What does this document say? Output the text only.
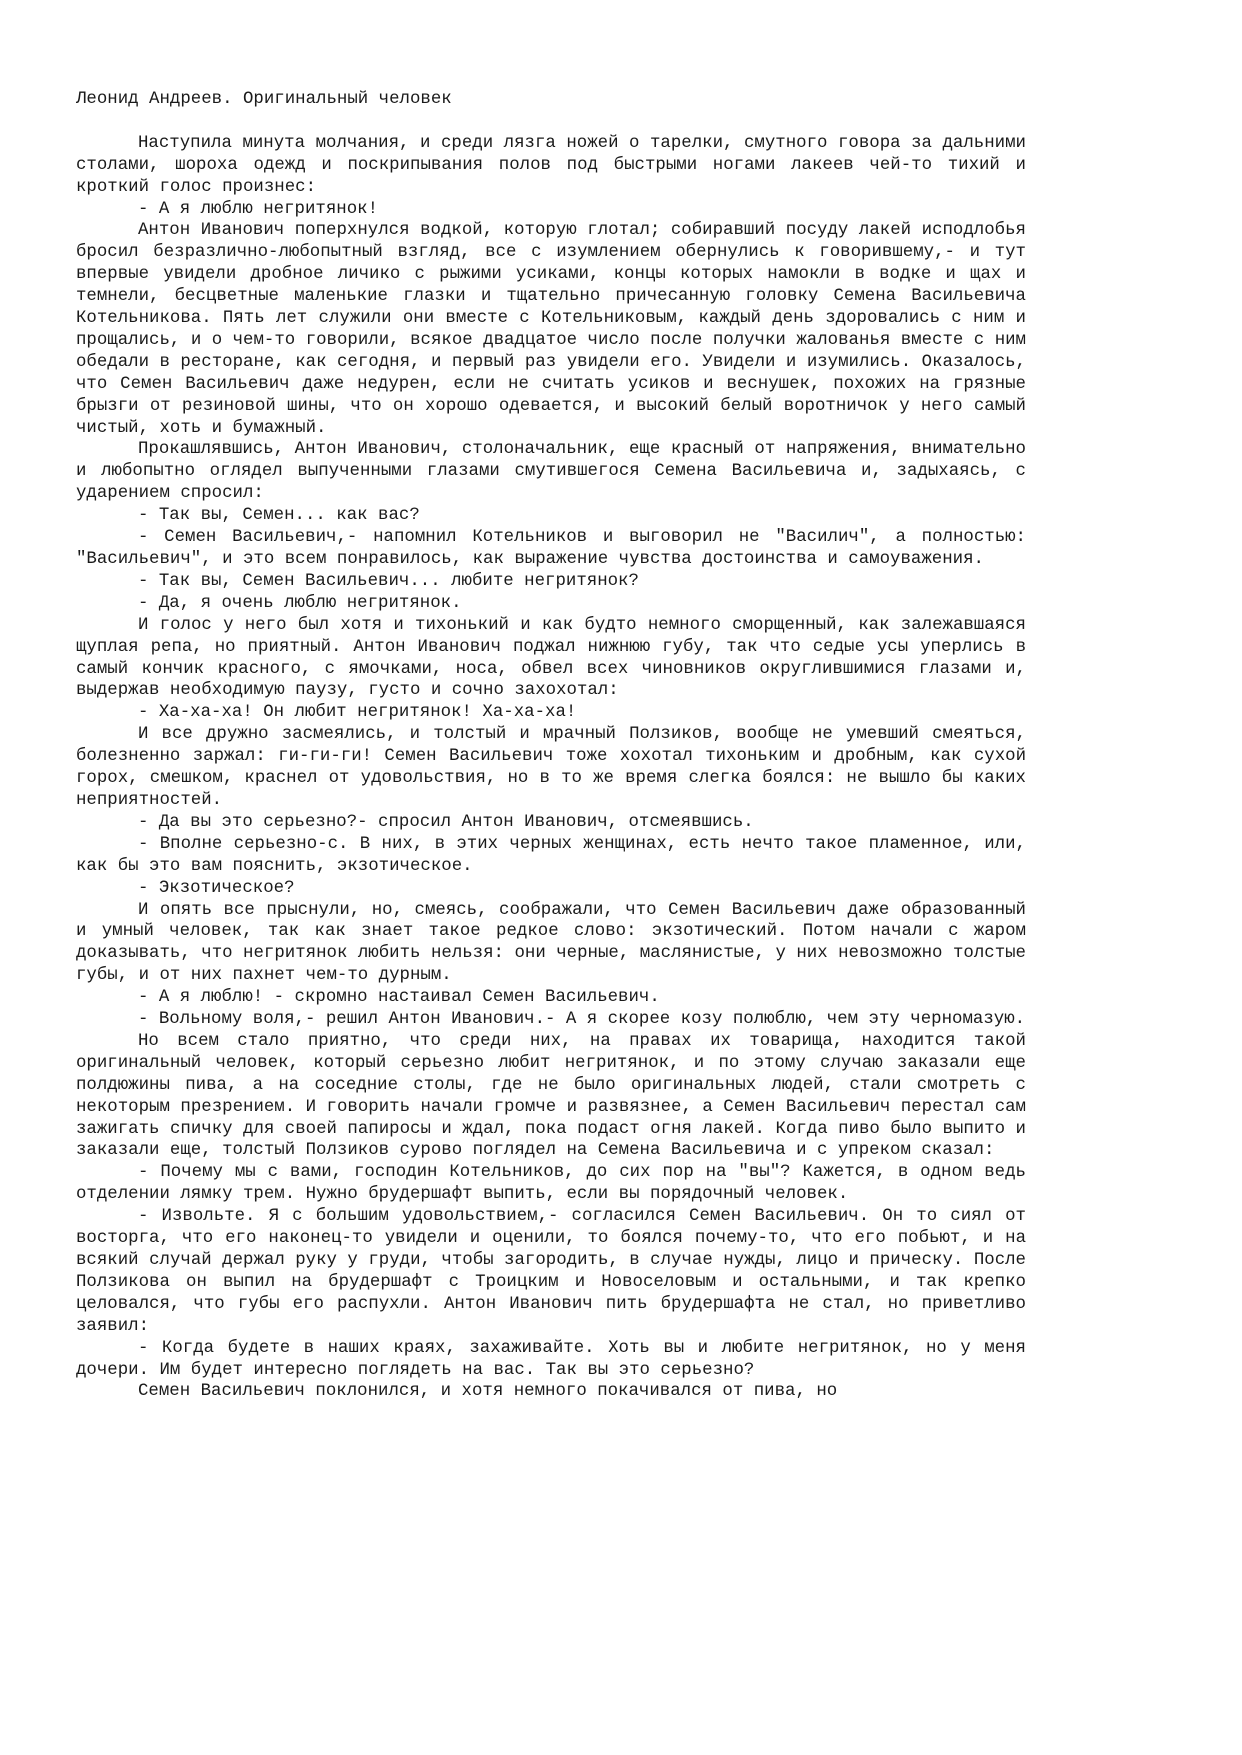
Леонид Андреев. Оригинальный человек

Наступила минута молчания, и среди лязга ножей о тарелки, смутного говора за дальними столами, шороха одежд и поскрипывания полов под быстрыми ногами лакеев чей-то тихий и кроткий голос произнес:

- А я люблю негритянок!

Антон Иванович поперхнулся водкой, которую глотал; собиравший посуду лакей исподлобья бросил безразлично-любопытный взгляд, все с изумлением обернулись к говорившему,- и тут впервые увидели дробное личико с рыжими усиками, концы которых намокли в водке и щах и темнели, бесцветные маленькие глазки и тщательно причесанную головку Семена Васильевича Котельникова. Пять лет служили они вместе с Котельниковым, каждый день здоровались с ним и прощались, и о чем-то говорили, всякое двадцатое число после получки жалованья вместе с ним обедали в ресторане, как сегодня, и первый раз увидели его. Увидели и изумились. Оказалось, что Семен Васильевич даже недурен, если не считать усиков и веснушек, похожих на грязные брызги от резиновой шины, что он хорошо одевается, и высокий белый воротничок у него самый чистый, хоть и бумажный.

Прокашлявшись, Антон Иванович, столоначальник, еще красный от напряжения, внимательно и любопытно оглядел выпученными глазами смутившегося Семена Васильевича и, задыхаясь, с ударением спросил:

- Так вы, Семен... как вас?

- Семен Васильевич,- напомнил Котельников и выговорил не "Василич", а полностью: "Васильевич", и это всем понравилось, как выражение чувства достоинства и самоуважения.

- Так вы, Семен Васильевич... любите негритянок?

- Да, я очень люблю негритянок.

И голос у него был хотя и тихонький и как будто немного сморщенный, как залежавшаяся щуплая репа, но приятный. Антон Иванович поджал нижнюю губу, так что седые усы уперлись в самый кончик красного, с ямочками, носа, обвел всех чиновников округлившимися глазами и, выдержав необходимую паузу, густо и сочно захохотал:

- Ха-ха-ха! Он любит негритянок! Ха-ха-ха!

И все дружно засмеялись, и толстый и мрачный Ползиков, вообще не умевший смеяться, болезненно заржал: ги-ги-ги! Семен Васильевич тоже хохотал тихоньким и дробным, как сухой горох, смешком, краснел от удовольствия, но в то же время слегка боялся: не вышло бы каких неприятностей.

- Да вы это серьезно?- спросил Антон Иванович, отсмеявшись.

- Вполне серьезно-с. В них, в этих черных женщинах, есть нечто такое пламенное, или, как бы это вам пояснить, экзотическое.

- Экзотическое?

И опять все прыснули, но, смеясь, соображали, что Семен Васильевич даже образованный и умный человек, так как знает такое редкое слово: экзотический. Потом начали с жаром доказывать, что негритянок любить нельзя: они черные, маслянистые, у них невозможно толстые губы, и от них пахнет чем-то дурным.

- А я люблю! - скромно настаивал Семен Васильевич.

- Вольному воля,- решил Антон Иванович.- А я скорее козу полюблю, чем эту черномазую.

Но всем стало приятно, что среди них, на правах их товарища, находится такой оригинальный человек, который серьезно любит негритянок, и по этому случаю заказали еще полдюжины пива, а на соседние столы, где не было оригинальных людей, стали смотреть с некоторым презрением. И говорить начали громче и развязнее, а Семен Васильевич перестал сам зажигать спичку для своей папиросы и ждал, пока подаст огня лакей. Когда пиво было выпито и заказали еще, толстый Ползиков сурово поглядел на Семена Васильевича и с упреком сказал:

- Почему мы с вами, господин Котельников, до сих пор на "вы"? Кажется, в одном ведь отделении лямку трем. Нужно брудершафт выпить, если вы порядочный человек.

- Извольте. Я с большим удовольствием,- согласился Семен Васильевич. Он то сиял от восторга, что его наконец-то увидели и оценили, то боялся почему-то, что его побьют, и на всякий случай держал руку у груди, чтобы загородить, в случае нужды, лицо и прическу. После Ползикова он выпил на брудершафт с Троицким и Новоселовым и остальными, и так крепко целовался, что губы его распухли. Антон Иванович пить брудершафта не стал, но приветливо заявил:

- Когда будете в наших краях, захаживайте. Хоть вы и любите негритянок, но у меня дочери. Им будет интересно поглядеть на вас. Так вы это серьезно?

Семен Васильевич поклонился, и хотя немного покачивался от пива, но
